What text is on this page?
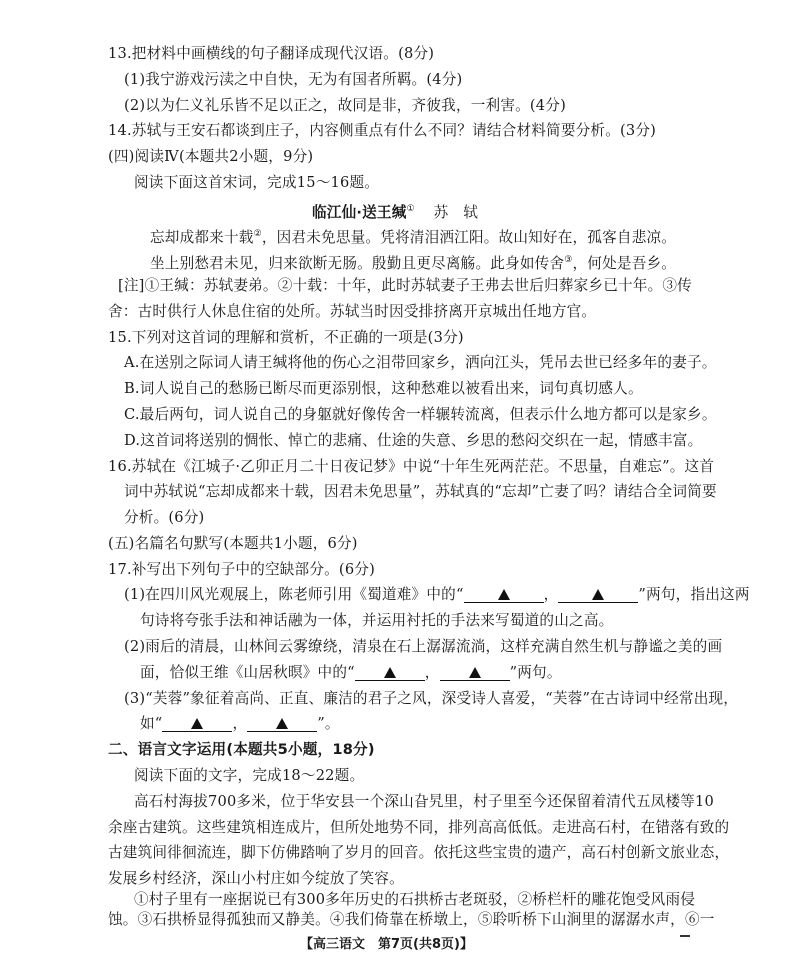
13.把材料中画横线的句子翻译成现代汉语。(8分)
(1)我宁游戏污渎之中自快，无为有国者所羁。(4分)
(2)以为仁义礼乐皆不足以正之，故同是非，齐彼我，一利害。(4分)
14.苏轼与王安石都谈到庄子，内容侧重点有什么不同？请结合材料简要分析。(3分)
(四)阅读Ⅳ(本题共2小题，9分)
阅读下面这首宋词，完成15～16题。
临江仙·送王缄① 苏　轼
忘却成都来十载②，因君未免思量。凭将清泪洒江阳。故山知好在，孤客自悲凉。
坐上别愁君未见，归来欲断无肠。殷勤且更尽离觞。此身如传舍③，何处是吾乡。
[注]①王缄：苏轼妻弟。②十载：十年，此时苏轼妻子王弗去世后归葬家乡已十年。③传
舍：古时供行人休息住宿的处所。苏轼当时因受排挤离开京城出任地方官。
15.下列对这首词的理解和赏析，不正确的一项是(3分)
A.在送别之际词人请王缄将他的伤心之泪带回家乡，洒向江头，凭吊去世已经多年的妻子。
B.词人说自己的愁肠已断尽而更添别恨，这种愁难以被看出来，词句真切感人。
C.最后两句，词人说自己的身躯就好像传舍一样辗转流离，但表示什么地方都可以是家乡。
D.这首词将送别的惆怅、悼亡的悲痛、仕途的失意、乡思的愁闷交织在一起，情感丰富。
16.苏轼在《江城子·乙卯正月二十日夜记梦》中说“十年生死两茫茫。不思量，自难忘”。这首
词中苏轼说“忘却成都来十载，因君未免思量”，苏轼真的“忘却”亡妻了吗？请结合全词简要
分析。(6分)
(五)名篇名句默写(本题共1小题，6分)
17.补写出下列句子中的空缺部分。(6分)
(1)在四川风光观展上，陈老师引用《蜀道难》中的“	，	”两句，指出这两
句诗将夸张手法和神话融为一体，并运用衬托的手法来写蜀道的山之高。
(2)雨后的清晨，山林间云雾缭绕，清泉在石上潺潺流淌，这样充满自然生机与静谧之美的画
面，恰似王维《山居秋暝》中的“	，	”两句。
(3)“芙蓉”象征着高尚、正直、廉洁的君子之风，深受诗人喜爱，“芙蓉”在古诗词中经常出现，
如“	，	”。
二、语言文字运用(本题共5小题，18分)
阅读下面的文字，完成18～22题。
高石村海拔700多米，位于华安县一个深山旮旯里，村子里至今还保留着清代五凤楼等10
余座古建筑。这些建筑相连成片，但所处地势不同，排列高高低低。走进高石村，在错落有致的
古建筑间徘徊流连，脚下仿佛踏响了岁月的回音。依托这些宝贵的遗产，高石村创新文旅业态，
发展乡村经济，深山小村庄如今绽放了笑容。
①村子里有一座据说已有300多年历史的石拱桥古老斑驳，②桥栏杆的雕花饱受风雨侵
蚀。③石拱桥显得孤独而又静美。④我们倚靠在桥墩上，⑤聆听桥下山涧里的潺潺水声，⑥一
【高三语文　第7页(共8页)】
